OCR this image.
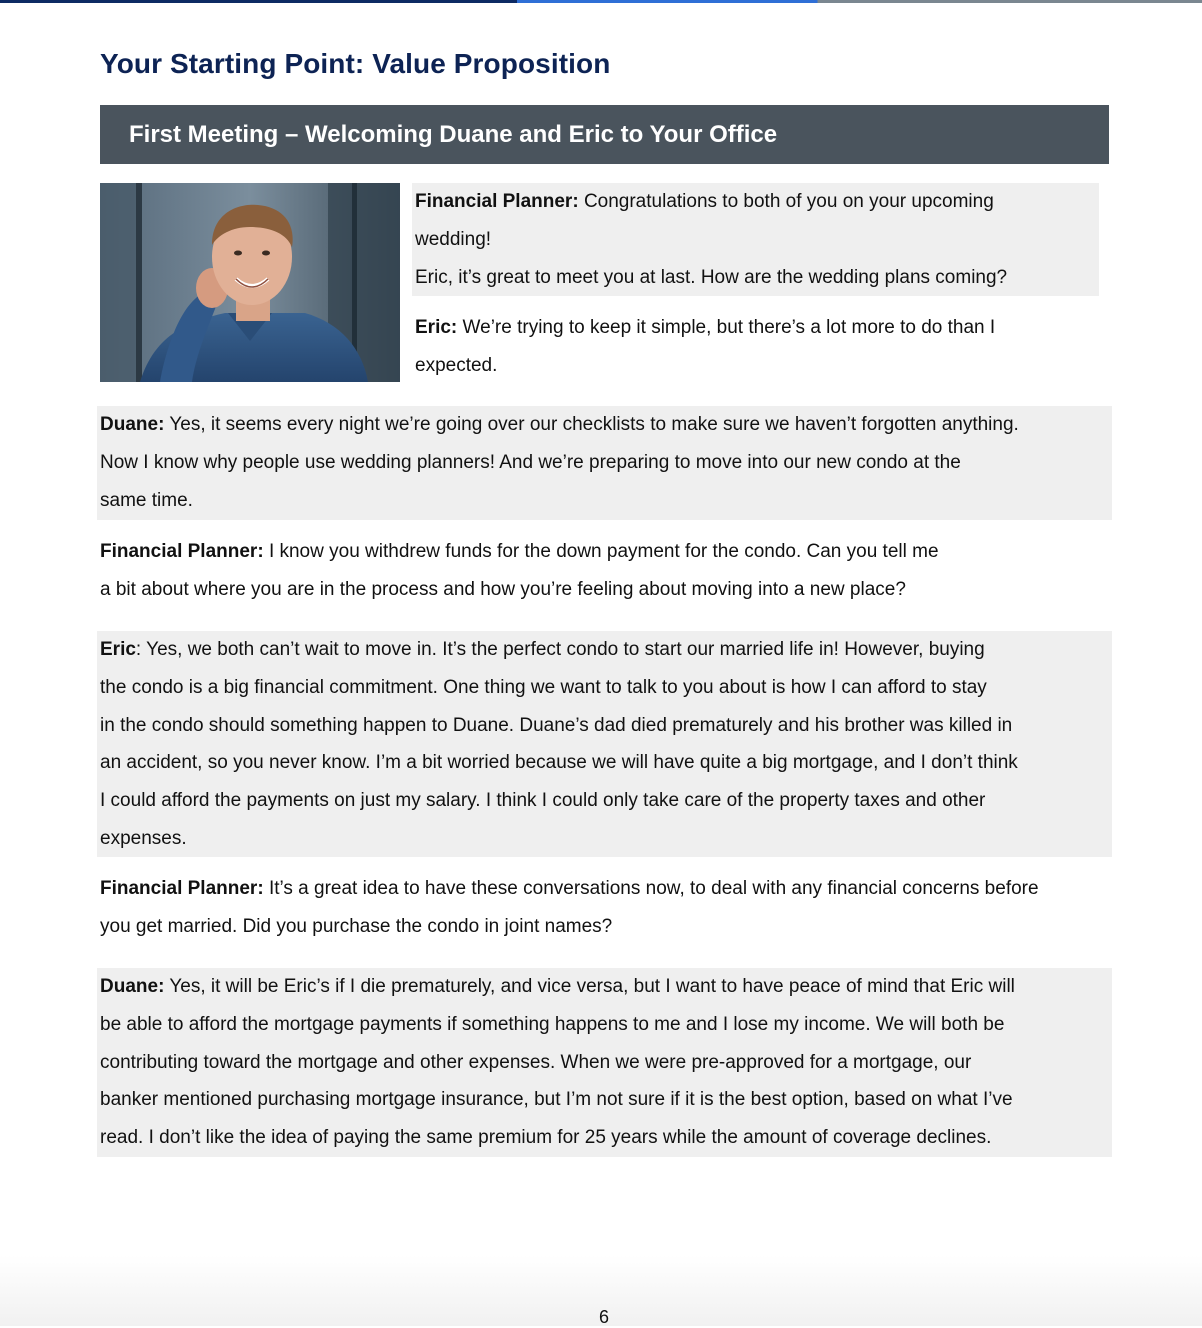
Your Starting Point: Value Proposition
First Meeting – Welcoming Duane and Eric to Your Office
Financial Planner: Congratulations to both of you on your upcoming
wedding!
Eric, it’s great to meet you at last. How are the wedding plans coming?
Eric: We’re trying to keep it simple, but there’s a lot more to do than I
expected.
Duane: Yes, it seems every night we’re going over our checklists to make sure we haven’t forgotten anything.
Now I know why people use wedding planners! And we’re preparing to move into our new condo at the
same time.
Financial Planner: I know you withdrew funds for the down payment for the condo. Can you tell me
a bit about where you are in the process and how you’re feeling about moving into a new place?
Eric: Yes, we both can’t wait to move in. It’s the perfect condo to start our married life in! However, buying
the condo is a big financial commitment. One thing we want to talk to you about is how I can afford to stay
in the condo should something happen to Duane. Duane’s dad died prematurely and his brother was killed in
an accident, so you never know. I’m a bit worried because we will have quite a big mortgage, and I don’t think
I could afford the payments on just my salary. I think I could only take care of the property taxes and other
expenses.
Financial Planner: It’s a great idea to have these conversations now, to deal with any financial concerns before
you get married. Did you purchase the condo in joint names?
Duane: Yes, it will be Eric’s if I die prematurely, and vice versa, but I want to have peace of mind that Eric will
be able to afford the mortgage payments if something happens to me and I lose my income. We will both be
contributing toward the mortgage and other expenses. When we were pre-approved for a mortgage, our
banker mentioned purchasing mortgage insurance, but I’m not sure if it is the best option, based on what I’ve
read. I don’t like the idea of paying the same premium for 25 years while the amount of coverage declines.
6
